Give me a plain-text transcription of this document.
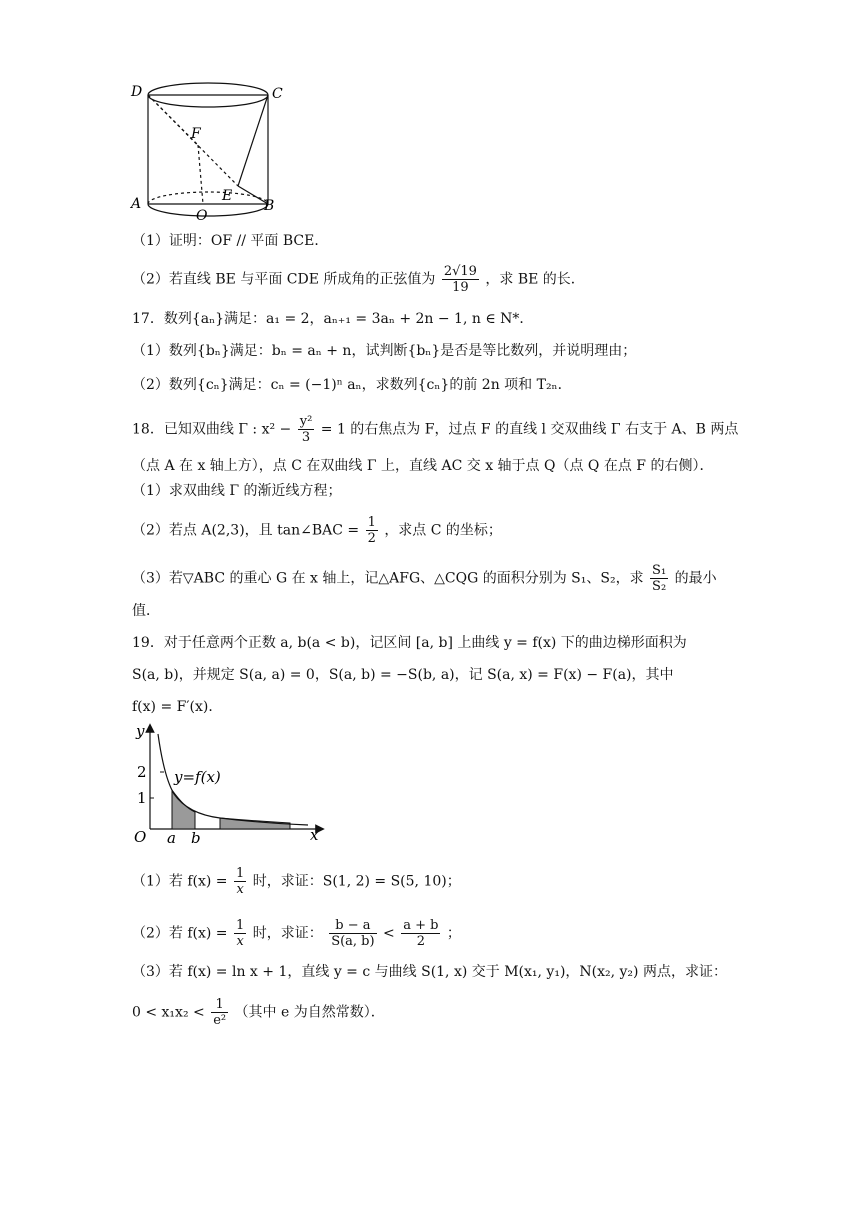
D	C
F
E
A
O
B
（1）证明：OF // 平面 BCE．
（2）若直线 BE 与平面 CDE 所成角的正弦值为 $\frac{2√19}{19}$ ，求 BE 的长．
17．数列{aₙ}满足：a₁ = 2，aₙ₊₁ = 3aₙ + 2n − 1, n ∈ N*．
（1）数列{bₙ}满足：bₙ = aₙ + n，试判断{bₙ}是否是等比数列，并说明理由；
（2）数列{cₙ}满足：cₙ = (−1)ⁿ aₙ，求数列{cₙ}的前 2n 项和 T₂ₙ．
18．已知双曲线 Γ : $x^2 - \frac{\text{y²}}{3} = 1$ 的右焦点为 F，过点 F 的直线 l 交双曲线 Γ 右支于 A、B 两点
（点 A 在 x 轴上方），点 C 在双曲线 Γ 上，直线 AC 交 x 轴于点 Q（点 Q 在点 F 的右侧）．
（1）求双曲线 Γ 的渐近线方程；
（2）若点 A(2,3)，且 tan∠BAC = $\frac{1}{2}$ ，求点 C 的坐标；
（3）若▽ABC 的重心 G 在 x 轴上，记△AFG、△CQG 的面积分别为 S₁、S₂，求 $\frac{\text{S₁}}{\text{S₂}}$ 的最小
值．
19．对于任意两个正数 a, b(a < b)，记区间 [a, b] 上曲线 y = f(x) 下的曲边梯形面积为
S(a, b)，并规定 S(a, a) = 0，S(a, b) = −S(b, a)，记 S(a, x) = F(x) − F(a)，其中
f(x) = F′(x)．
y
x
O
2
1
y=f(x)
a b
（1）若 $f(x) = \frac{1}{x}$ 时，求证：S(1, 2) = S(5, 10)；
（2）若 $f(x) = \frac{1}{x}$ 时，求证： $\frac{b - a}{S(a, b)} < \frac{a + b}{2}$ ；
（3）若 f(x) = ln x + 1，直线 y = c 与曲线 S(1, x) 交于 M(x₁, y₁)，N(x₂, y₂) 两点，求证：
$0 < x_1x_2 < \frac{1}{\text{e²}}$ （其中 e 为自然常数）．
